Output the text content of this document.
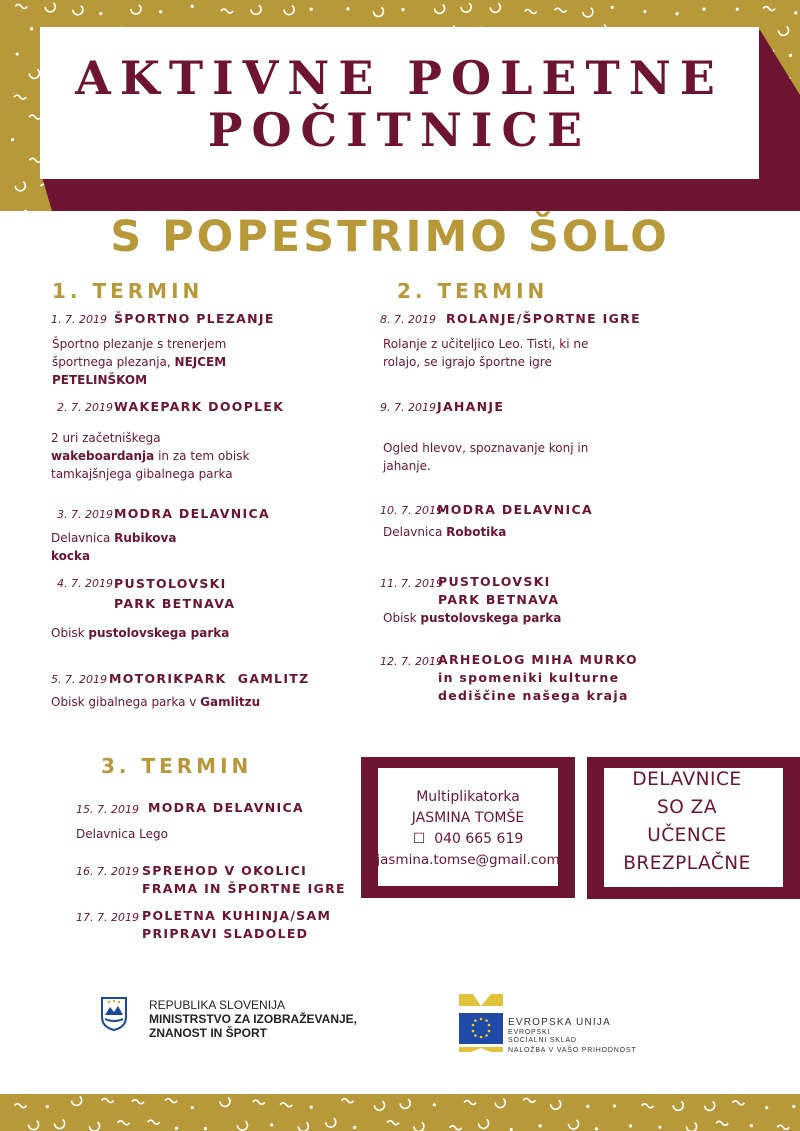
AKTIVNE POLETNE
POČITNICE
S POPESTRIMO ŠOLO
1. TERMIN
1. 7. 2019 ŠPORTNO PLEZANJE
Športno plezanje s trenerjem športnega plezanja, NEJCEM PETELINŠKOM
2. 7. 2019 WAKEPARK DOOPLEK
2 uri začetniškega wakeboardanja in za tem obisk tamkajšnjega gibalnega parka
3. 7. 2019 MODRA DELAVNICA
Delavnica Rubikova kocka
4. 7. 2019 PUSTOLOVSKI PARK BETNAVA
Obisk pustolovskega parka
5. 7. 2019 MOTORIKPARK  GAMLITZ
Obisk gibalnega parka v Gamlitzu
2. TERMIN
8. 7. 2019 ROLANJE/ŠPORTNE IGRE
Rolanje z učiteljico Leo. Tisti, ki ne rolajo, se igrajo športne igre
9. 7. 2019 JAHANJE
Ogled hlevov, spoznavanje konj in jahanje.
10. 7. 2019
MODRA DELAVNICA
Delavnica Robotika
11. 7. 2019
PUSTOLOVSKI PARK BETNAVA
Obisk pustolovskega parka
12. 7. 2019
ARHEOLOG MIHA MURKO in spomeniki kulturne dediščine našega kraja
3. TERMIN
15. 7. 2019 MODRA DELAVNICA
Delavnica Lego
16. 7. 2019 SPREHOD V OKOLICI FRAMA IN ŠPORTNE IGRE
17. 7. 2019 POLETNA KUHINJA/SAM PRIPRAVI SLADOLED
Multiplikatorka
JASMINA TOMŠE
☐ 040 665 619
jasmina.tomse@gmail.com
DELAVNICE
SO ZA
UČENCE
BREZPLAČNE
REPUBLIKA SLOVENIJA
MINISTRSTVO ZA IZOBRAŽEVANJE,
ZNANOST IN ŠPORT
EVROPSKA UNIJA
EVROPSKI
SOCIALNI SKLAD
NALOŽBA V VAŠO PRIHODNOST
